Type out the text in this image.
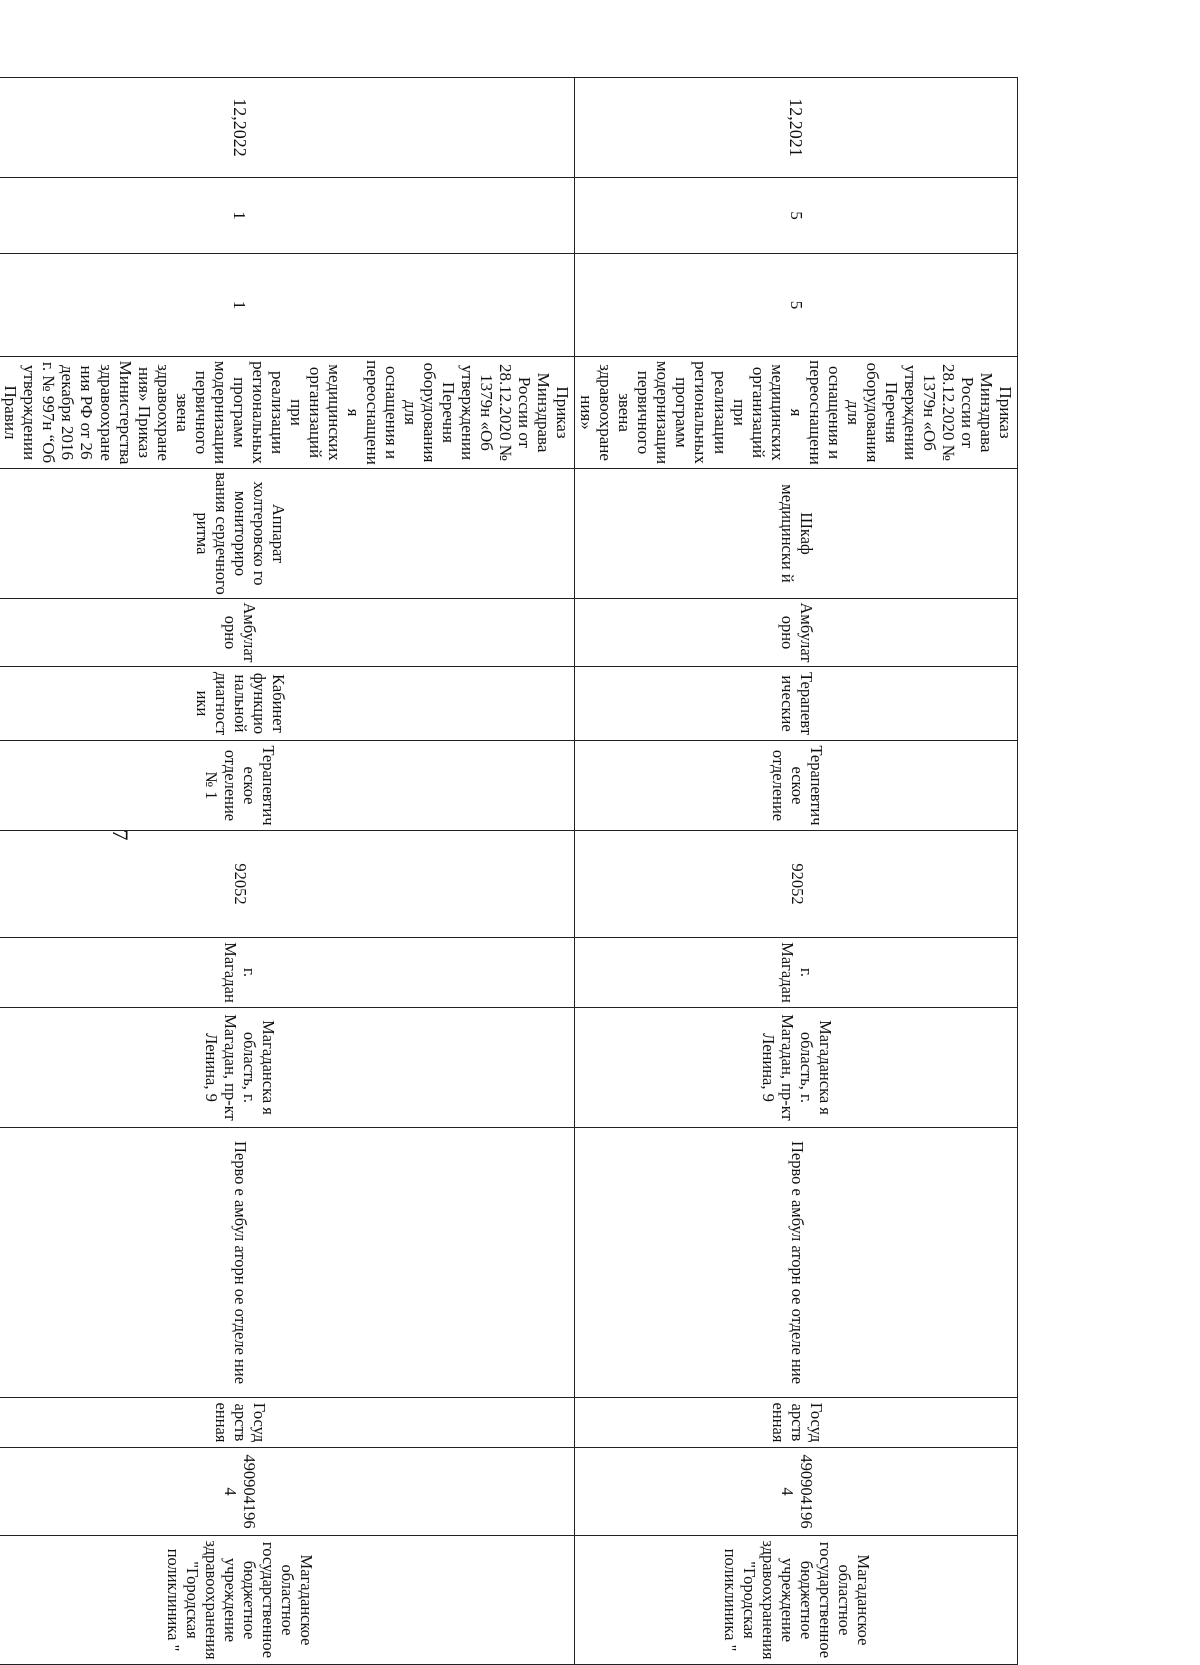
7
12,2021	5	5	Приказ Минздрава России от 28.12.2020 № 1379н «Об утверждении Перечня оборудования для оснащения и переоснащения медицинских организаций при реализации региональных программ модернизации первичного звена здравоохранения»	Шкаф медицински й	Амбулаторно	Терапевтические	Терапевтическое отделение	92052	г. Магадан	Магаданска я область, г. Магадан, пр-кт Ленина, 9	Перво е амбул аторн ое отделе ние	Государственная	4909041964	Магаданское областное государственное бюджетное учреждение здравоохранения "Городская поликлиника "
12,2022	1	1	Приказ Минздрава России от 28.12.2020 № 1379н «Об утверждении Перечня оборудования для оснащения и переоснащения медицинских организаций при реализации региональных программ модернизации первичного звена здравоохранения» Приказ Министерства здравоохранения РФ от 26 декабря 2016 г. № 997н “Об утверждении Правил	Аппарат холтеровско го мониториро вания сердечного ритма	Амбулаторно	Кабинет функциональной диагностики	Терапевтическое отделение № 1	92052	г. Магадан	Магаданска я область, г. Магадан, пр-кт Ленина, 9	Перво е амбул аторн ое отделе ние	Государственная	4909041964	Магаданское областное государственное бюджетное учреждение здравоохранения "Городская поликлиника "
